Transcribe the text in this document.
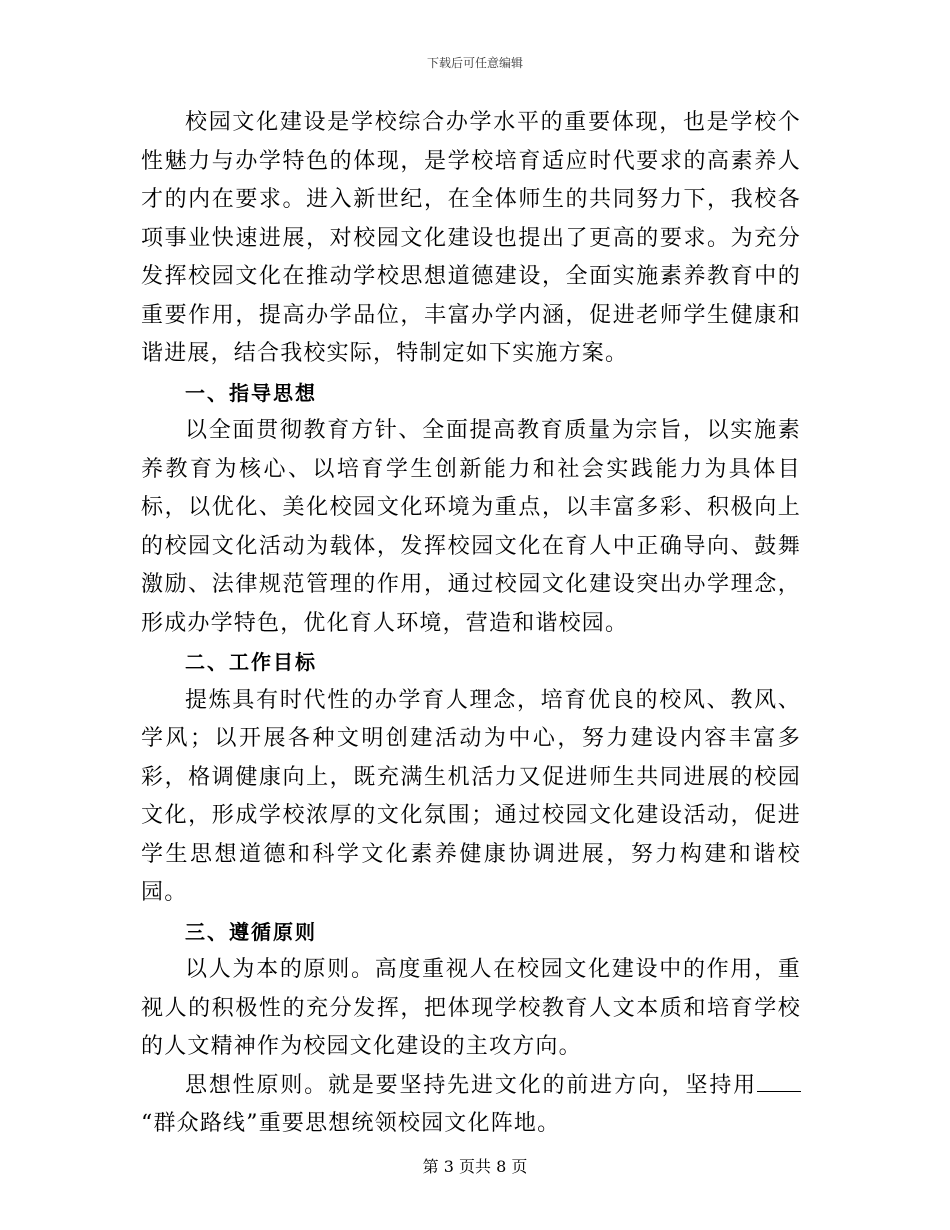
下载后可任意编辑

校园文化建设是学校综合办学水平的重要体现，也是学校个性魅力与办学特色的体现，是学校培育适应时代要求的高素养人才的内在要求。进入新世纪，在全体师生的共同努力下，我校各项事业快速进展，对校园文化建设也提出了更高的要求。为充分发挥校园文化在推动学校思想道德建设，全面实施素养教育中的重要作用，提高办学品位，丰富办学内涵，促进老师学生健康和谐进展，结合我校实际，特制定如下实施方案。

一、指导思想

以全面贯彻教育方针、全面提高教育质量为宗旨，以实施素养教育为核心、以培育学生创新能力和社会实践能力为具体目标，以优化、美化校园文化环境为重点，以丰富多彩、积极向上的校园文化活动为载体，发挥校园文化在育人中正确导向、鼓舞激励、法律规范管理的作用，通过校园文化建设突出办学理念，形成办学特色，优化育人环境，营造和谐校园。

二、工作目标

提炼具有时代性的办学育人理念，培育优良的校风、教风、学风；以开展各种文明创建活动为中心，努力建设内容丰富多彩，格调健康向上，既充满生机活力又促进师生共同进展的校园文化，形成学校浓厚的文化氛围；通过校园文化建设活动，促进学生思想道德和科学文化素养健康协调进展，努力构建和谐校园。

三、遵循原则

以人为本的原则。高度重视人在校园文化建设中的作用，重视人的积极性的充分发挥，把体现学校教育人文本质和培育学校的人文精神作为校园文化建设的主攻方向。

思想性原则。就是要坚持先进文化的前进方向，坚持用“群众路线”重要思想统领校园文化阵地。

第 3 页共 8 页
